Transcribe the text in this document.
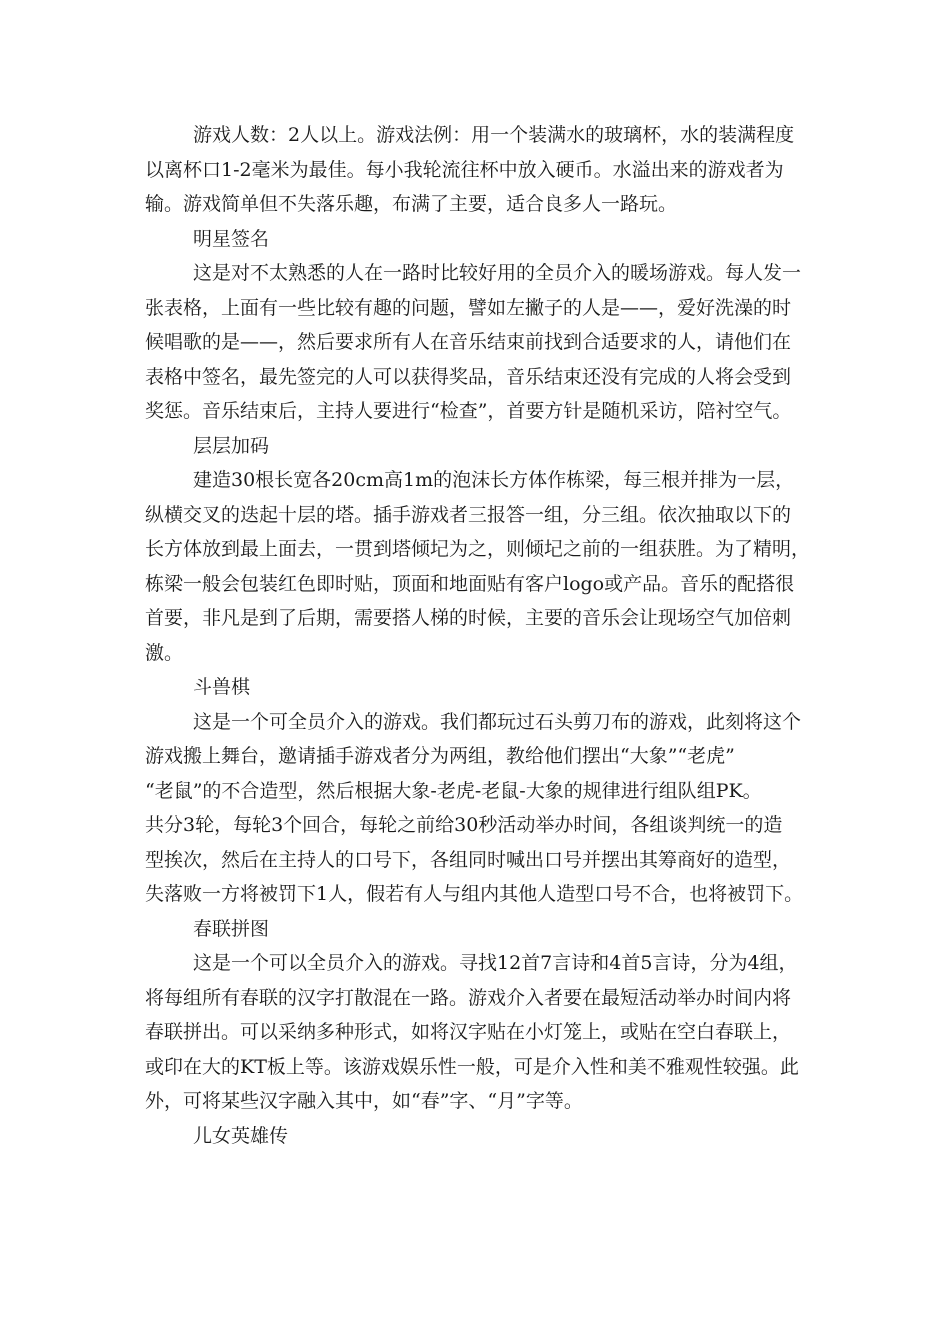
游戏人数：2人以上。游戏法例：用一个装满水的玻璃杯，水的装满程度
以离杯口1-2毫米为最佳。每小我轮流往杯中放入硬币。水溢出来的游戏者为
输。游戏简单但不失落乐趣，布满了主要，适合良多人一路玩。
明星签名
这是对不太熟悉的人在一路时比较好用的全员介入的暖场游戏。每人发一
张表格，上面有一些比较有趣的问题，譬如左撇子的人是——，爱好洗澡的时
候唱歌的是——，然后要求所有人在音乐结束前找到合适要求的人，请他们在
表格中签名，最先签完的人可以获得奖品，音乐结束还没有完成的人将会受到
奖惩。音乐结束后，主持人要进行“检查”，首要方针是随机采访，陪衬空气。
层层加码
建造30根长宽各20cm高1m的泡沫长方体作栋梁，每三根并排为一层，
纵横交叉的迭起十层的塔。插手游戏者三报答一组，分三组。依次抽取以下的
长方体放到最上面去，一贯到塔倾圮为之，则倾圮之前的一组获胜。为了精明，
栋梁一般会包装红色即时贴，顶面和地面贴有客户logo或产品。音乐的配搭很
首要，非凡是到了后期，需要搭人梯的时候，主要的音乐会让现场空气加倍刺
激。
斗兽棋
这是一个可全员介入的游戏。我们都玩过石头剪刀布的游戏，此刻将这个
游戏搬上舞台，邀请插手游戏者分为两组，教给他们摆出“大象”“老虎”
“老鼠”的不合造型，然后根据大象-老虎-老鼠-大象的规律进行组队组PK。
共分3轮，每轮3个回合，每轮之前给30秒活动举办时间，各组谈判统一的造
型挨次，然后在主持人的口号下，各组同时喊出口号并摆出其筹商好的造型，
失落败一方将被罚下1人，假若有人与组内其他人造型口号不合，也将被罚下。
春联拼图
这是一个可以全员介入的游戏。寻找12首7言诗和4首5言诗，分为4组，
将每组所有春联的汉字打散混在一路。游戏介入者要在最短活动举办时间内将
春联拼出。可以采纳多种形式，如将汉字贴在小灯笼上，或贴在空白春联上，
或印在大的KT板上等。该游戏娱乐性一般，可是介入性和美不雅观性较强。此
外，可将某些汉字融入其中，如“春”字、“月”字等。
儿女英雄传
